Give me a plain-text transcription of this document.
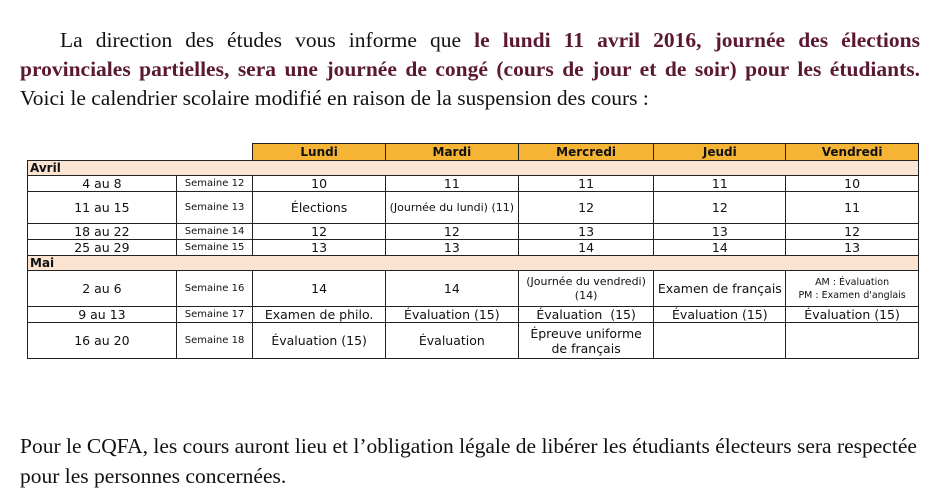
La direction des études vous informe que le lundi 11 avril 2016, journée des élections provinciales partielles, sera une journée de congé (cours de jour et de soir) pour les étudiants. Voici le calendrier scolaire modifié en raison de la suspension des cours :

		Lundi	Mardi	Mercredi	Jeudi	Vendredi
Avril						
4 au 8	Semaine 12	10	11	11	11	10
11 au 15	Semaine 13	Élections	(Journée du lundi) (11)	12	12	11
18 au 22	Semaine 14	12	12	13	13	12
25 au 29	Semaine 15	13	13	14	14	13
Mai						
2 au 6	Semaine 16	14	14	(Journée du vendredi) (14)	Examen de français	AM : Évaluation
PM : Examen d'anglais

9 au 13	Semaine 17	Examen de philo.	Évaluation (15)	Évaluation  (15)	Évaluation (15)	Évaluation (15)
16 au 20	Semaine 18	Évaluation (15)	Évaluation	Épreuve uniforme de français		

Pour le CQFA, les cours auront lieu et l’obligation légale de libérer les étudiants électeurs sera respectée pour les personnes concernées.
